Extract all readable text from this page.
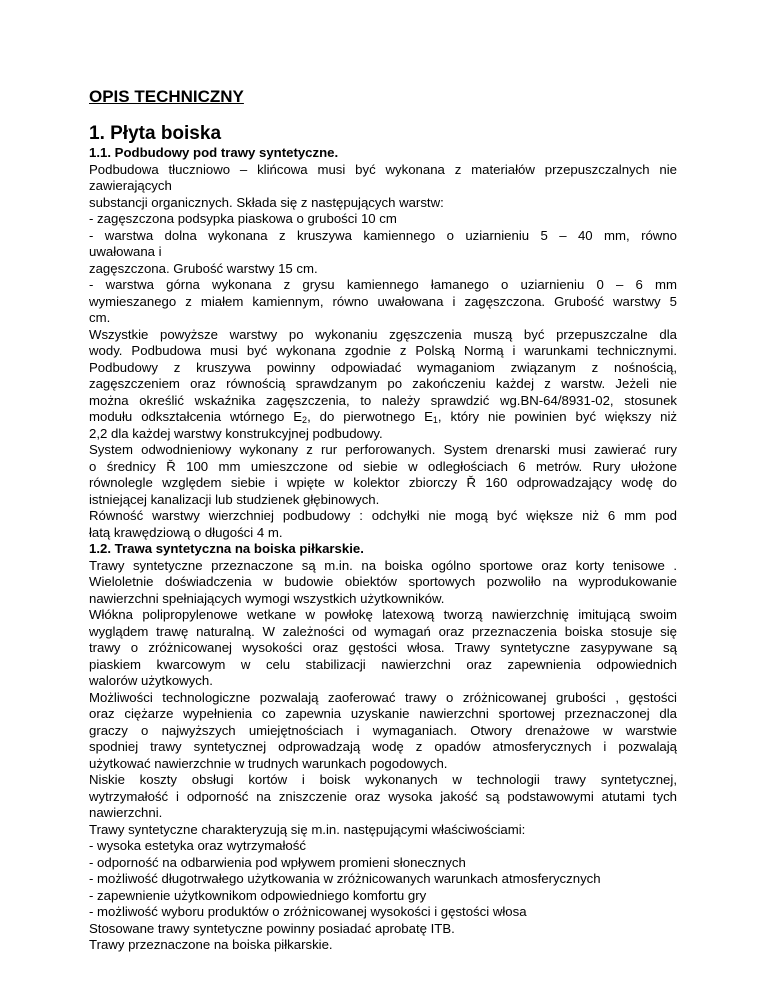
OPIS TECHNICZNY
1. Płyta boiska
1.1. Podbudowy pod trawy syntetyczne.

Podbudowa tłuczniowo – klińcowa musi być wykonana z materiałów przepuszczalnych nie

zawierających

substancji organicznych. Składa się z następujących warstw:

- zagęszczona podsypka piaskowa o grubości 10 cm

- warstwa dolna wykonana z kruszywa kamiennego o uziarnieniu 5 – 40 mm, równo

uwałowana i

zagęszczona. Grubość warstwy 15 cm.

- warstwa górna wykonana z grysu kamiennego łamanego o uziarnieniu 0 – 6 mm

wymieszanego z miałem kamiennym, równo uwałowana i zagęszczona. Grubość warstwy 5

cm.

Wszystkie powyższe warstwy po wykonaniu zgęszczenia muszą być przepuszczalne dla

wody. Podbudowa musi być wykonana zgodnie z Polską Normą i warunkami technicznymi.

Podbudowy z kruszywa powinny odpowiadać wymaganiom związanym z nośnością,

zagęszczeniem oraz równością sprawdzanym po zakończeniu każdej z warstw. Jeżeli nie

można określić wskaźnika zagęszczenia, to należy sprawdzić wg.BN-64/8931-02, stosunek

modułu odkształcenia wtórnego $E_2$, do pierwotnego $E_1$, który nie powinien być większy niż

2,2 dla każdej warstwy konstrukcyjnej podbudowy.

System odwodnieniowy wykonany z rur perforowanych. System drenarski musi zawierać rury

o średnicy Ř 100 mm umieszczone od siebie w odległościach 6 metrów. Rury ułożone

równolegle względem siebie i wpięte w kolektor zbiorczy Ř 160 odprowadzający wodę do

istniejącej kanalizacji lub studzienek głębinowych.

Równość warstwy wierzchniej podbudowy : odchyłki nie mogą być większe niż 6 mm pod

łatą krawędziową o długości 4 m.

1.2. Trawa syntetyczna na boiska piłkarskie.

Trawy syntetyczne przeznaczone są m.in. na boiska ogólno sportowe oraz korty tenisowe .

Wieloletnie doświadczenia w budowie obiektów sportowych pozwoliło na wyprodukowanie

nawierzchni spełniających wymogi wszystkich użytkowników.

Włókna polipropylenowe wetkane w powłokę latexową tworzą nawierzchnię imitującą swoim

wyglądem trawę naturalną. W zależności od wymagań oraz przeznaczenia boiska stosuje się

trawy o zróżnicowanej wysokości oraz gęstości włosa. Trawy syntetyczne zasypywane są

piaskiem kwarcowym w celu stabilizacji nawierzchni oraz zapewnienia odpowiednich

walorów użytkowych.

Możliwości technologiczne pozwalają zaoferować trawy o zróżnicowanej grubości , gęstości

oraz ciężarze wypełnienia co zapewnia uzyskanie nawierzchni sportowej przeznaczonej dla

graczy o najwyższych umiejętnościach i wymaganiach. Otwory drenażowe w warstwie

spodniej trawy syntetycznej odprowadzają wodę z opadów atmosferycznych i pozwalają

użytkować nawierzchnie w trudnych warunkach pogodowych.

Niskie koszty obsługi kortów i boisk wykonanych w technologii trawy syntetycznej,

wytrzymałość i odporność na zniszczenie oraz wysoka jakość są podstawowymi atutami tych

nawierzchni.

Trawy syntetyczne charakteryzują się m.in. następującymi właściwościami:

- wysoka estetyka oraz wytrzymałość

- odporność na odbarwienia pod wpływem promieni słonecznych

- możliwość długotrwałego użytkowania w zróżnicowanych warunkach atmosferycznych

- zapewnienie użytkownikom odpowiedniego komfortu gry

- możliwość wyboru produktów o zróżnicowanej wysokości i gęstości włosa

Stosowane trawy syntetyczne powinny posiadać aprobatę ITB.

Trawy przeznaczone na boiska piłkarskie.
